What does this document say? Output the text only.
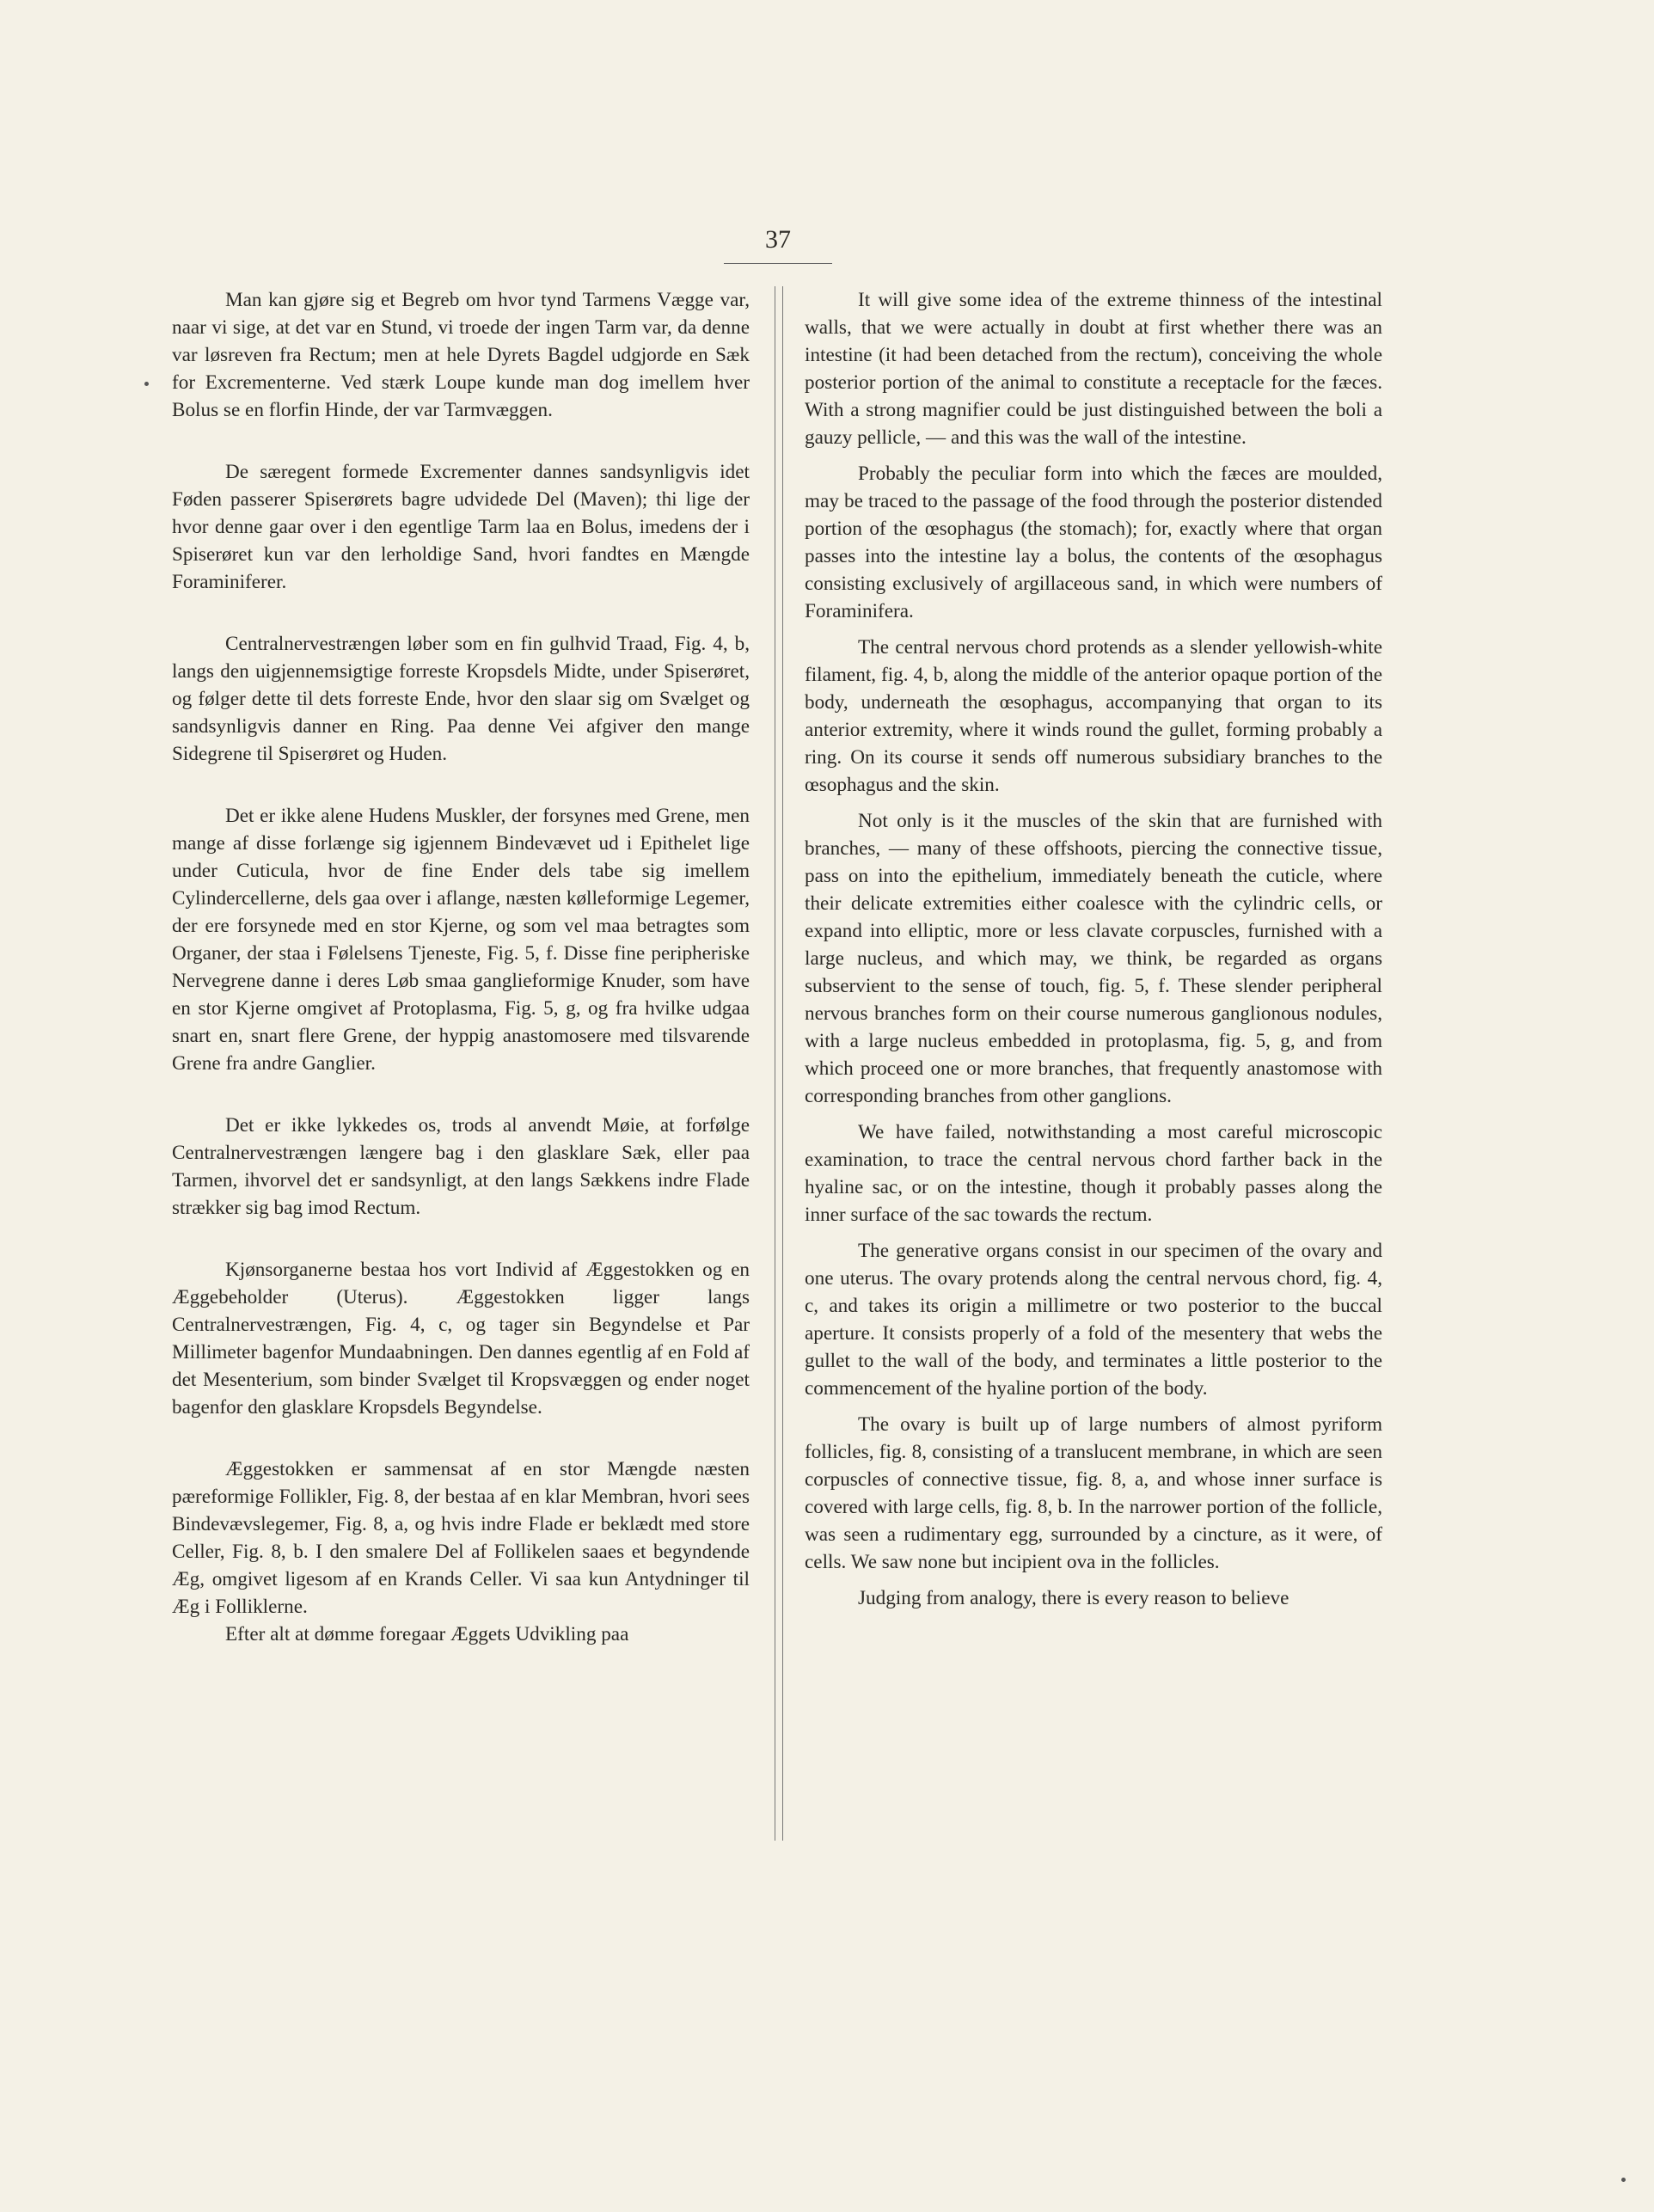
37

Man kan gjøre sig et Begreb om hvor tynd Tarmens Vægge var, naar vi sige, at det var en Stund, vi troede der ingen Tarm var, da denne var løsreven fra Rectum; men at hele Dyrets Bagdel udgjorde en Sæk for Excrementerne. Ved stærk Loupe kunde man dog imellem hver Bolus se en florfin Hinde, der var Tarmvæggen.

De særegent formede Excrementer dannes sandsynligvis idet Føden passerer Spiserørets bagre udvidede Del (Maven); thi lige der hvor denne gaar over i den egentlige Tarm laa en Bolus, imedens der i Spiserøret kun var den lerholdige Sand, hvori fandtes en Mængde Foraminiferer.

Centralnervestrængen løber som en fin gulhvid Traad, Fig. 4, b, langs den uigjennemsigtige forreste Kropsdels Midte, under Spiserøret, og følger dette til dets forreste Ende, hvor den slaar sig om Svælget og sandsynligvis danner en Ring. Paa denne Vei afgiver den mange Sidegrene til Spiserøret og Huden.

Det er ikke alene Hudens Muskler, der forsynes med Grene, men mange af disse forlænge sig igjennem Bindevævet ud i Epithelet lige under Cuticula, hvor de fine Ender dels tabe sig imellem Cylindercellerne, dels gaa over i aflange, næsten kølleformige Legemer, der ere forsynede med en stor Kjerne, og som vel maa betragtes som Organer, der staa i Følelsens Tjeneste, Fig. 5, f. Disse fine peripheriske Nervegrene danne i deres Løb smaa ganglieformige Knuder, som have en stor Kjerne omgivet af Protoplasma, Fig. 5, g, og fra hvilke udgaa snart en, snart flere Grene, der hyppig anastomosere med tilsvarende Grene fra andre Ganglier.

Det er ikke lykkedes os, trods al anvendt Møie, at forfølge Centralnervestrængen længere bag i den glasklare Sæk, eller paa Tarmen, ihvorvel det er sandsynligt, at den langs Sækkens indre Flade strækker sig bag imod Rectum.

Kjønsorganerne bestaa hos vort Individ af Æggestokken og en Æggebeholder (Uterus). Æggestokken ligger langs Centralnervestrængen, Fig. 4, c, og tager sin Begyndelse et Par Millimeter bagenfor Mundaabningen. Den dannes egentlig af en Fold af det Mesenterium, som binder Svælget til Kropsvæggen og ender noget bagenfor den glasklare Kropsdels Begyndelse.

Æggestokken er sammensat af en stor Mængde næsten pæreformige Follikler, Fig. 8, der bestaa af en klar Membran, hvori sees Bindevævslegemer, Fig. 8, a, og hvis indre Flade er beklædt med store Celler, Fig. 8, b. I den smalere Del af Follikelen saaes et begyndende Æg, omgivet ligesom af en Krands Celler. Vi saa kun Antydninger til Æg i Folliklerne.

Efter alt at dømme foregaar Æggets Udvikling paa

It will give some idea of the extreme thinness of the intestinal walls, that we were actually in doubt at first whether there was an intestine (it had been detached from the rectum), conceiving the whole posterior portion of the animal to constitute a receptacle for the fæces. With a strong magnifier could be just distinguished between the boli a gauzy pellicle, — and this was the wall of the intestine.

Probably the peculiar form into which the fæces are moulded, may be traced to the passage of the food through the posterior distended portion of the œsophagus (the stomach); for, exactly where that organ passes into the intestine lay a bolus, the contents of the œsophagus consisting exclusively of argillaceous sand, in which were numbers of Foraminifera.

The central nervous chord protends as a slender yellowish-white filament, fig. 4, b, along the middle of the anterior opaque portion of the body, underneath the œsophagus, accompanying that organ to its anterior extremity, where it winds round the gullet, forming probably a ring. On its course it sends off numerous subsidiary branches to the œsophagus and the skin.

Not only is it the muscles of the skin that are furnished with branches, — many of these offshoots, piercing the connective tissue, pass on into the epithelium, immediately beneath the cuticle, where their delicate extremities either coalesce with the cylindric cells, or expand into elliptic, more or less clavate corpuscles, furnished with a large nucleus, and which may, we think, be regarded as organs subservient to the sense of touch, fig. 5, f. These slender peripheral nervous branches form on their course numerous ganglionous nodules, with a large nucleus embedded in protoplasma, fig. 5, g, and from which proceed one or more branches, that frequently anastomose with corresponding branches from other ganglions.

We have failed, notwithstanding a most careful microscopic examination, to trace the central nervous chord farther back in the hyaline sac, or on the intestine, though it probably passes along the inner surface of the sac towards the rectum.

The generative organs consist in our specimen of the ovary and one uterus. The ovary protends along the central nervous chord, fig. 4, c, and takes its origin a millimetre or two posterior to the buccal aperture. It consists properly of a fold of the mesentery that webs the gullet to the wall of the body, and terminates a little posterior to the commencement of the hyaline portion of the body.

The ovary is built up of large numbers of almost pyriform follicles, fig. 8, consisting of a translucent membrane, in which are seen corpuscles of connective tissue, fig. 8, a, and whose inner surface is covered with large cells, fig. 8, b. In the narrower portion of the follicle, was seen a rudimentary egg, surrounded by a cincture, as it were, of cells. We saw none but incipient ova in the follicles.

Judging from analogy, there is every reason to believe
